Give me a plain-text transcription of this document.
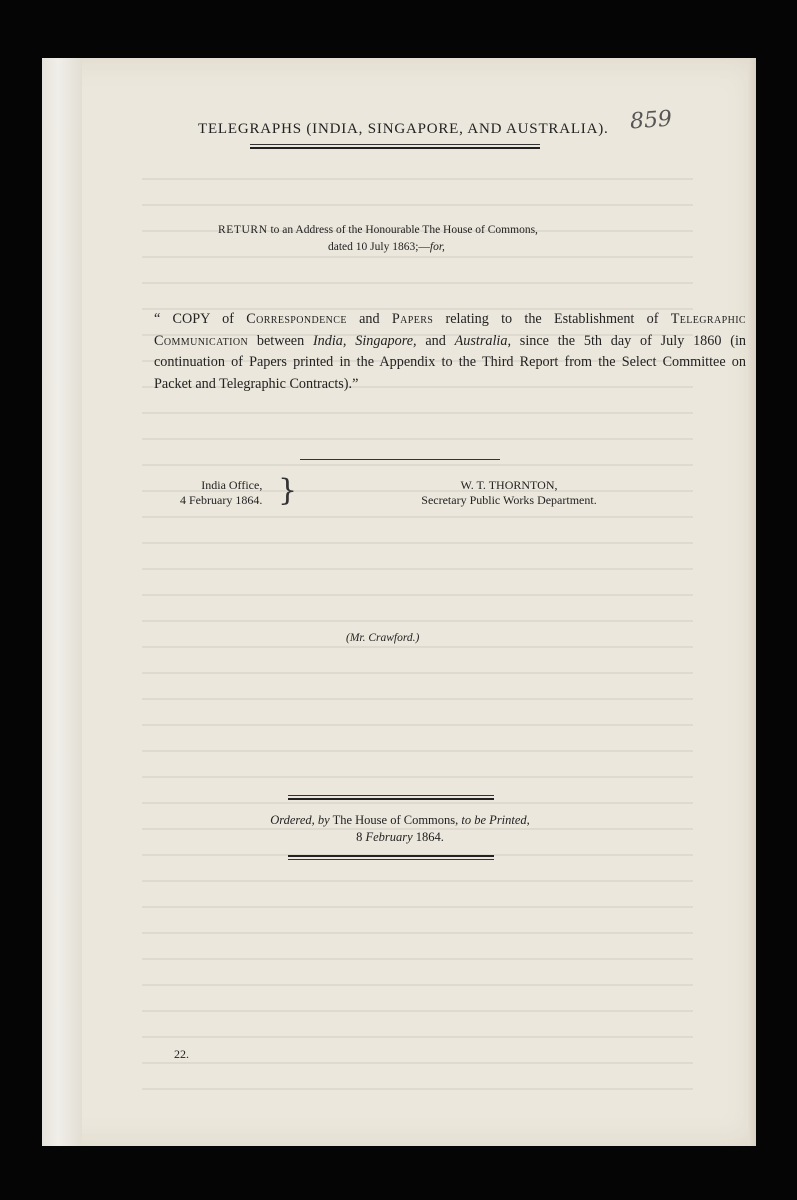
TELEGRAPHS (INDIA, SINGAPORE, AND AUSTRALIA). 859
RETURN to an Address of the Honourable The House of Commons,
dated 10 July 1863;—for,
“ COPY of Correspondence and Papers relating to the Establishment of Telegraphic Communication between India, Singapore, and Australia, since the 5th day of July 1860 (in continuation of Papers printed in the Appendix to the Third Report from the Select Committee on Packet and Telegraphic Contracts).”
India Office,
4 February 1864. }	W. T. THORNTON,
Secretary Public Works Department.
(Mr. Crawford.)
Ordered, by The House of Commons, to be Printed,
8 February 1864.
22.
